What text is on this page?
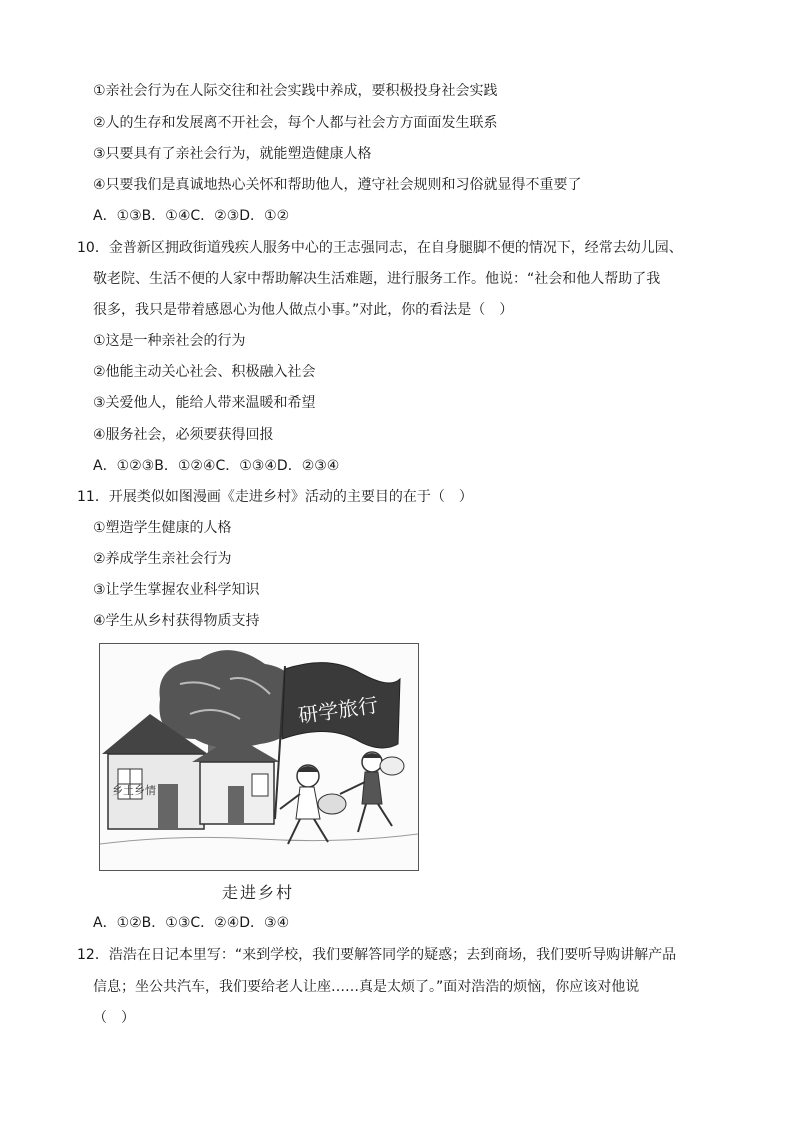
①亲社会行为在人际交往和社会实践中养成，要积极投身社会实践
②人的生存和发展离不开社会，每个人都与社会方方面面发生联系
③只要具有了亲社会行为，就能塑造健康人格
④只要我们是真诚地热心关怀和帮助他人，遵守社会规则和习俗就显得不重要了
A．①③B．①④C．②③D．①②
10．金普新区拥政街道残疾人服务中心的王志强同志，在自身腿脚不便的情况下，经常去幼儿园、
敬老院、生活不便的人家中帮助解决生活难题，进行服务工作。他说：“社会和他人帮助了我
很多，我只是带着感恩心为他人做点小事。”对此，你的看法是（　）
①这是一种亲社会的行为
②他能主动关心社会、积极融入社会
③关爱他人，能给人带来温暖和希望
④服务社会，必须要获得回报
A．①②③B．①②④C．①③④D．②③④
11．开展类似如图漫画《走进乡村》活动的主要目的在于（　）
①塑造学生健康的人格
②养成学生亲社会行为
③让学生掌握农业科学知识
④学生从乡村获得物质支持
乡土乡情
研学旅行
走进乡村
A．①②B．①③C．②④D．③④
12．浩浩在日记本里写：“来到学校，我们要解答同学的疑惑；去到商场，我们要听导购讲解产品
信息；坐公共汽车，我们要给老人让座……真是太烦了。”面对浩浩的烦恼，你应该对他说
（　）
